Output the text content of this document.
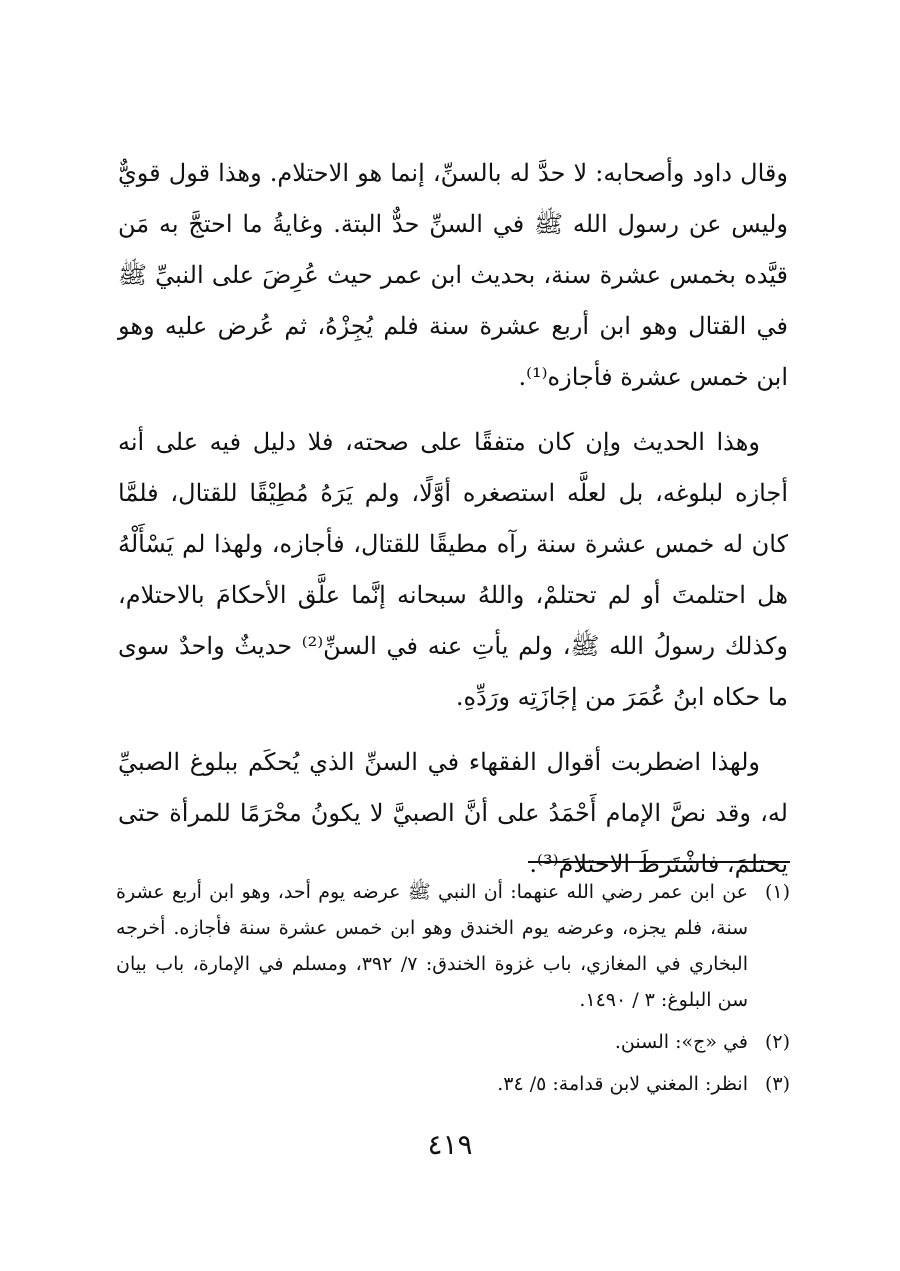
وقال داود وأصحابه: لا حدَّ له بالسنِّ، إنما هو الاحتلام. وهذا قول قويٌّ وليس عن رسول الله ﷺ في السنِّ حدٌّ البتة. وغايةُ ما احتجَّ به مَن قيَّده بخمس عشرة سنة، بحديث ابن عمر حيث عُرِضَ على النبيِّ ﷺ في القتال وهو ابن أربع عشرة سنة فلم يُجِزْهُ، ثم عُرض عليه وهو ابن خمس عشرة فأجازه⁽¹⁾.

وهذا الحديث وإن كان متفقًا على صحته، فلا دليل فيه على أنه أجازه لبلوغه، بل لعلَّه استصغره أوَّلًا، ولم يَرَهُ مُطِيْقًا للقتال، فلمَّا كان له خمس عشرة سنة رآه مطيقًا للقتال، فأجازه، ولهذا لم يَسْأَلْهُ هل احتلمتَ أو لم تحتلمْ، واللهُ سبحانه إنَّما علَّق الأحكامَ بالاحتلام، وكذلك رسولُ الله ﷺ، ولم يأتِ عنه في السنِّ⁽²⁾ حديثٌ واحدٌ سوى ما حكاه ابنُ عُمَرَ من إجَازَتِه ورَدِّهِ.

ولهذا اضطربت أقوال الفقهاء في السنِّ الذي يُحكَم ببلوغ الصبيِّ له، وقد نصَّ الإمام أَحْمَدُ على أنَّ الصبيَّ لا يكونُ محْرَمًا للمرأة حتى يحتلمَ، فاشْتَرَطَ الاحتلامَ⁽³⁾.

(١)
عن ابن عمر رضي الله عنهما: أن النبي ﷺ عرضه يوم أحد، وهو ابن أربع عشرة سنة، فلم يجزه، وعرضه يوم الخندق وهو ابن خمس عشرة سنة فأجازه. أخرجه البخاري في المغازي، باب غزوة الخندق: ٧/ ٣٩٢، ومسلم في الإمارة، باب بيان سن البلوغ: ٣ / ١٤٩٠.
(٢)
في «ج»: السنن.
(٣)
انظر: المغني لابن قدامة: ٥/ ٣٤.
٤١٩
